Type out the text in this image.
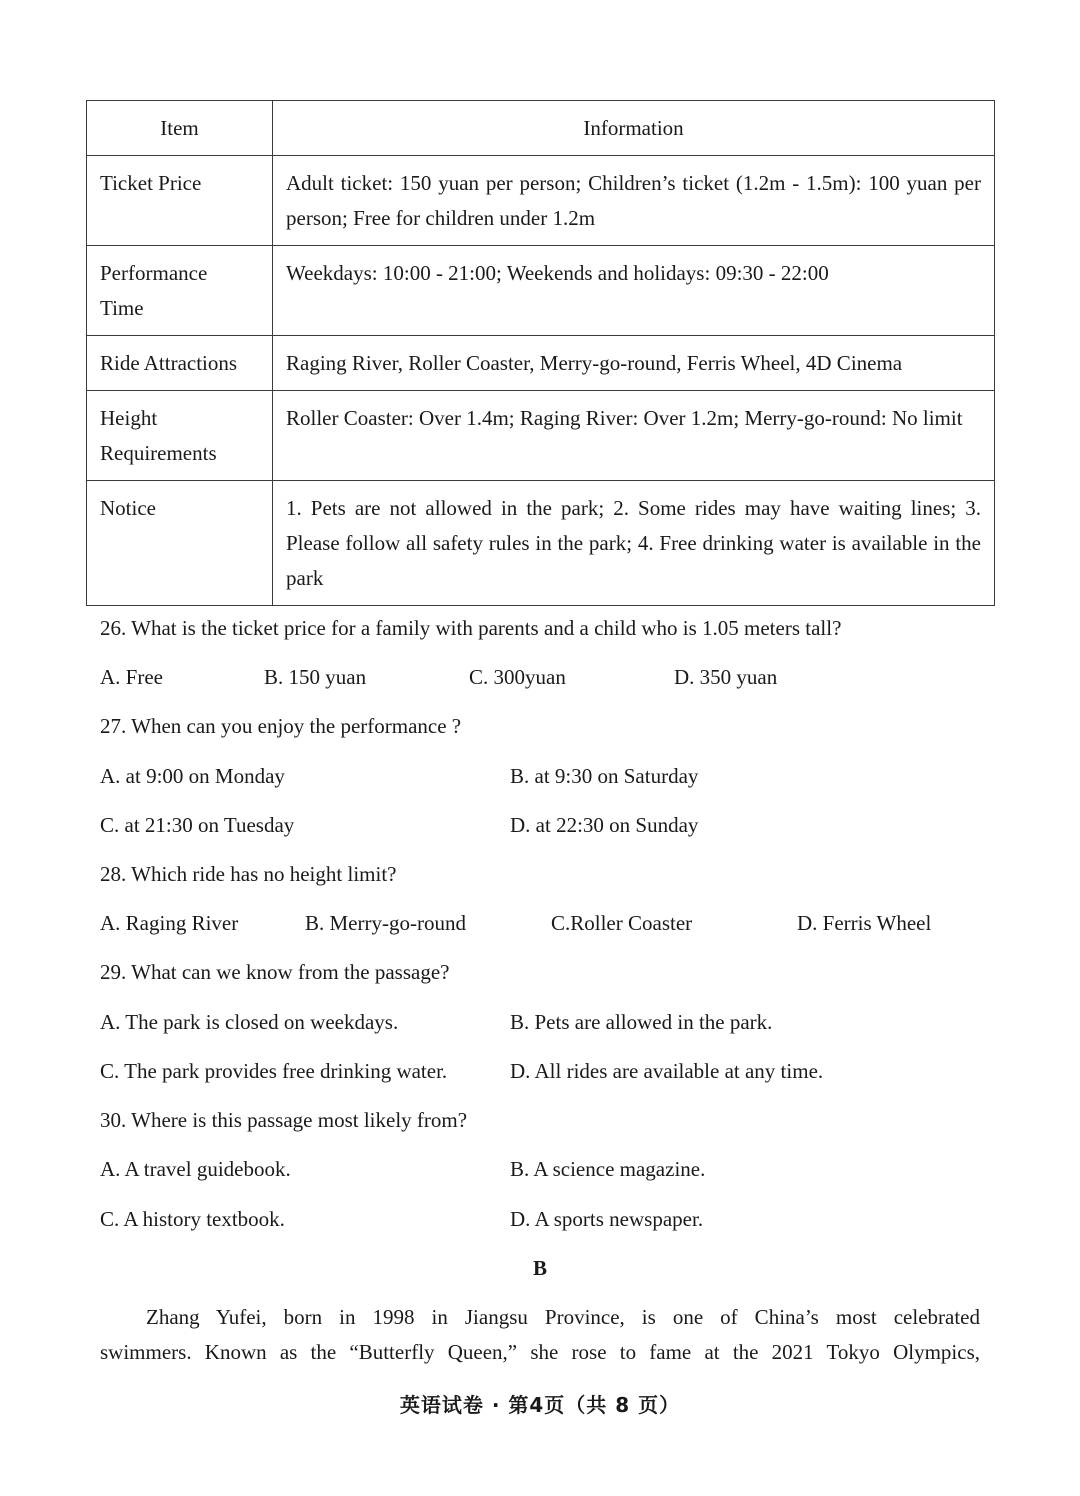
Item	Information
Ticket Price	Adult ticket: 150 yuan per person; Children’s ticket (1.2m - 1.5m): 100 yuan per person; Free for children under 1.2m
Performance Time	Weekdays: 10:00 - 21:00; Weekends and holidays: 09:30 - 22:00
Ride Attractions	Raging River, Roller Coaster, Merry-go-round, Ferris Wheel, 4D Cinema
Height Requirements	Roller Coaster: Over 1.4m; Raging River: Over 1.2m; Merry-go-round: No limit
Notice	1. Pets are not allowed in the park; 2. Some rides may have waiting lines; 3. Please follow all safety rules in the park; 4. Free drinking water is available in the park
26. What is the ticket price for a family with parents and a child who is 1.05 meters tall?
A. Free	B. 150 yuan	C. 300yuan	D. 350 yuan
27. When can you enjoy the performance ?
A. at 9:00 on Monday	B. at 9:30 on Saturday
C. at 21:30 on Tuesday	D. at 22:30 on Sunday
28. Which ride has no height limit?
A. Raging River	B. Merry-go-round	C.Roller Coaster	D. Ferris Wheel
29. What can we know from the passage?
A. The park is closed on weekdays.	B. Pets are allowed in the park.
C. The park provides free drinking water.	D. All rides are available at any time.
30. Where is this passage most likely from?
A. A travel guidebook.	B. A science magazine.
C. A history textbook.	D. A sports newspaper.
B
Zhang Yufei, born in 1998 in Jiangsu Province, is one of China’s most celebrated
swimmers. Known as the “Butterfly Queen,” she rose to fame at the 2021 Tokyo Olympics,
英语试卷 · 第4页（共 8 页）
